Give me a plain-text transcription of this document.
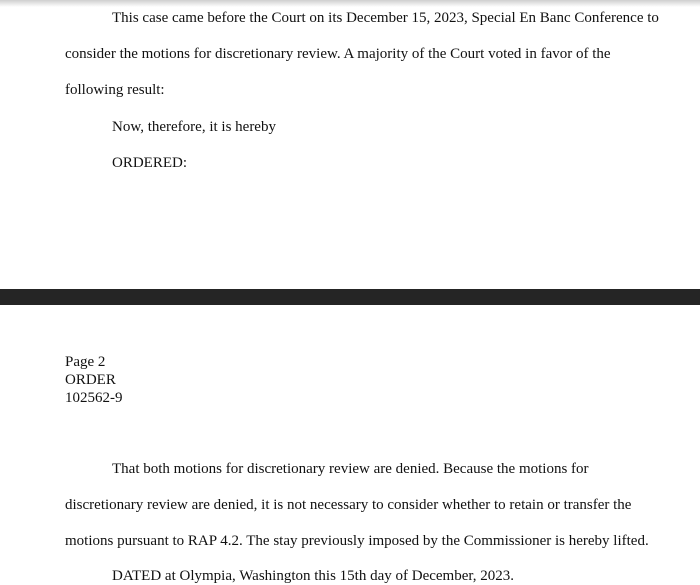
This case came before the Court on its December 15, 2023, Special En Banc Conference to
consider the motions for discretionary review. A majority of the Court voted in favor of the
following result:
Now, therefore, it is hereby
ORDERED:
Page 2
ORDER
102562-9
That both motions for discretionary review are denied. Because the motions for
discretionary review are denied, it is not necessary to consider whether to retain or transfer the
motions pursuant to RAP 4.2. The stay previously imposed by the Commissioner is hereby lifted.
DATED at Olympia, Washington this 15th day of December, 2023.
